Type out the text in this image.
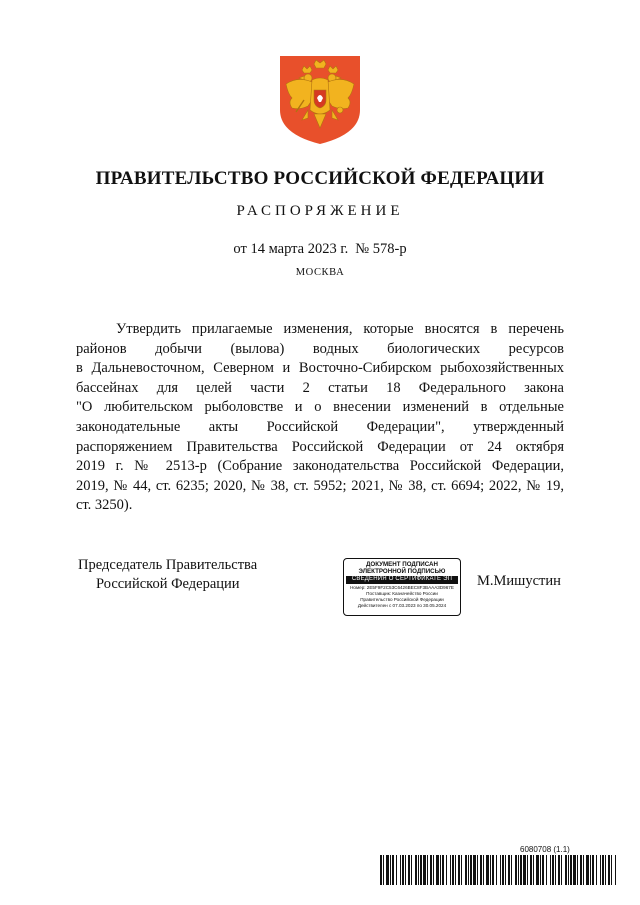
ПРАВИТЕЛЬСТВО РОССИЙСКОЙ ФЕДЕРАЦИИ
РАСПОРЯЖЕНИЕ
от 14 марта 2023 г. № 578-р
МОСКВА
Утвердить прилагаемые изменения, которые вносятся в перечень
районов добычи (вылова) водных биологических ресурсов
в Дальневосточном, Северном и Восточно-Сибирском рыбохозяйственных
бассейнах для целей части 2 статьи 18 Федерального закона
"О любительском рыболовстве и о внесении изменений в отдельные
законодательные акты Российской Федерации", утвержденный
распоряжением Правительства Российской Федерации от 24 октября
2019 г. № 2513-р (Собрание законодательства Российской Федерации,
2019, № 44, ст. 6235; 2020, № 38, ст. 5952; 2021, № 38, ст. 6694; 2022, № 19,
ст. 3250).
Председатель Правительства
Российской Федерации
ДОКУМЕНТ ПОДПИСАН
ЭЛЕКТРОННОЙ ПОДПИСЬЮ
СВЕДЕНИЯ О СЕРТИФИКАТЕ ЭП
Номер: 2E5F9F2C53C6426BEC8F3BAAA3D967E
Поставщик: Казначейство России
Правительство Российской Федерации
Действителен с 07.03.2023 по 30.05.2024
М.Мишустин
6080708 (1.1)
